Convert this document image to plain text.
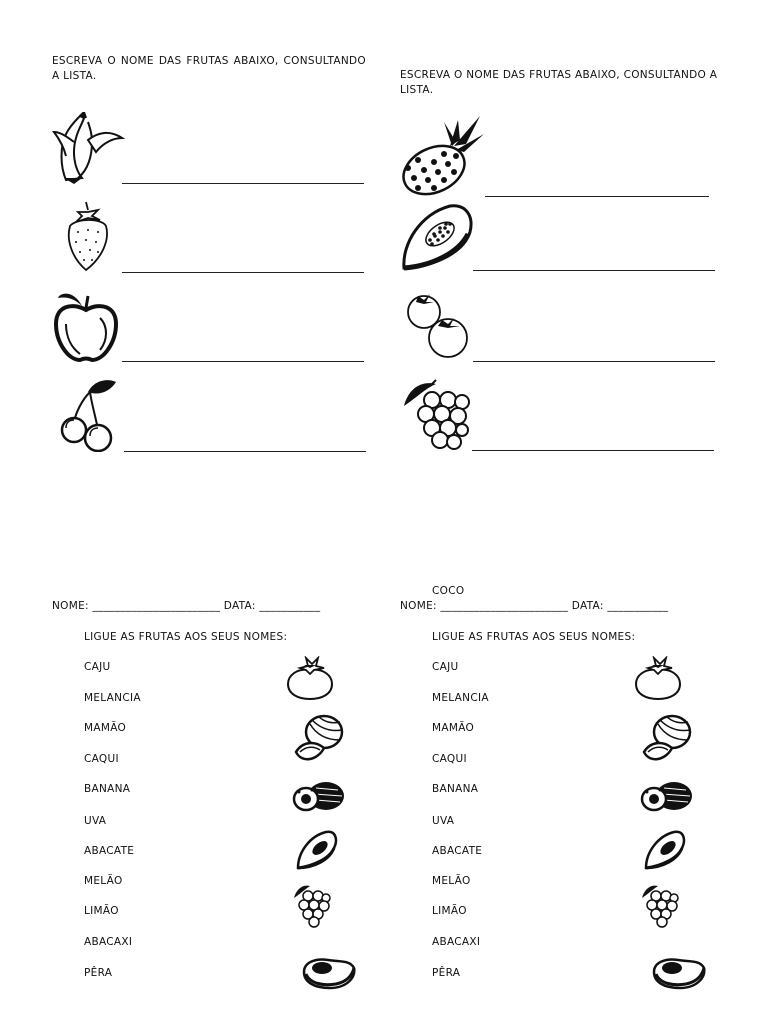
ESCREVA O NOME DAS FRUTAS ABAIXO, CONSULTANDO A LISTA.	ESCREVA O NOME DAS FRUTAS ABAIXO, CONSULTANDO A LISTA.
NOME: _______________________ DATA: ___________
LIGUE AS FRUTAS AOS SEUS NOMES:
CAJU
MELANCIA
MAMÃO
CAQUI
BANANA
UVA
ABACATE
MELÃO
LIMÃO
ABACAXI
PÊRA
COCO
NOME: _______________________ DATA: ___________
LIGUE AS FRUTAS AOS SEUS NOMES:
CAJU
MELANCIA
MAMÃO
CAQUI
BANANA
UVA
ABACATE
MELÃO
LIMÃO
ABACAXI
PÊRA
